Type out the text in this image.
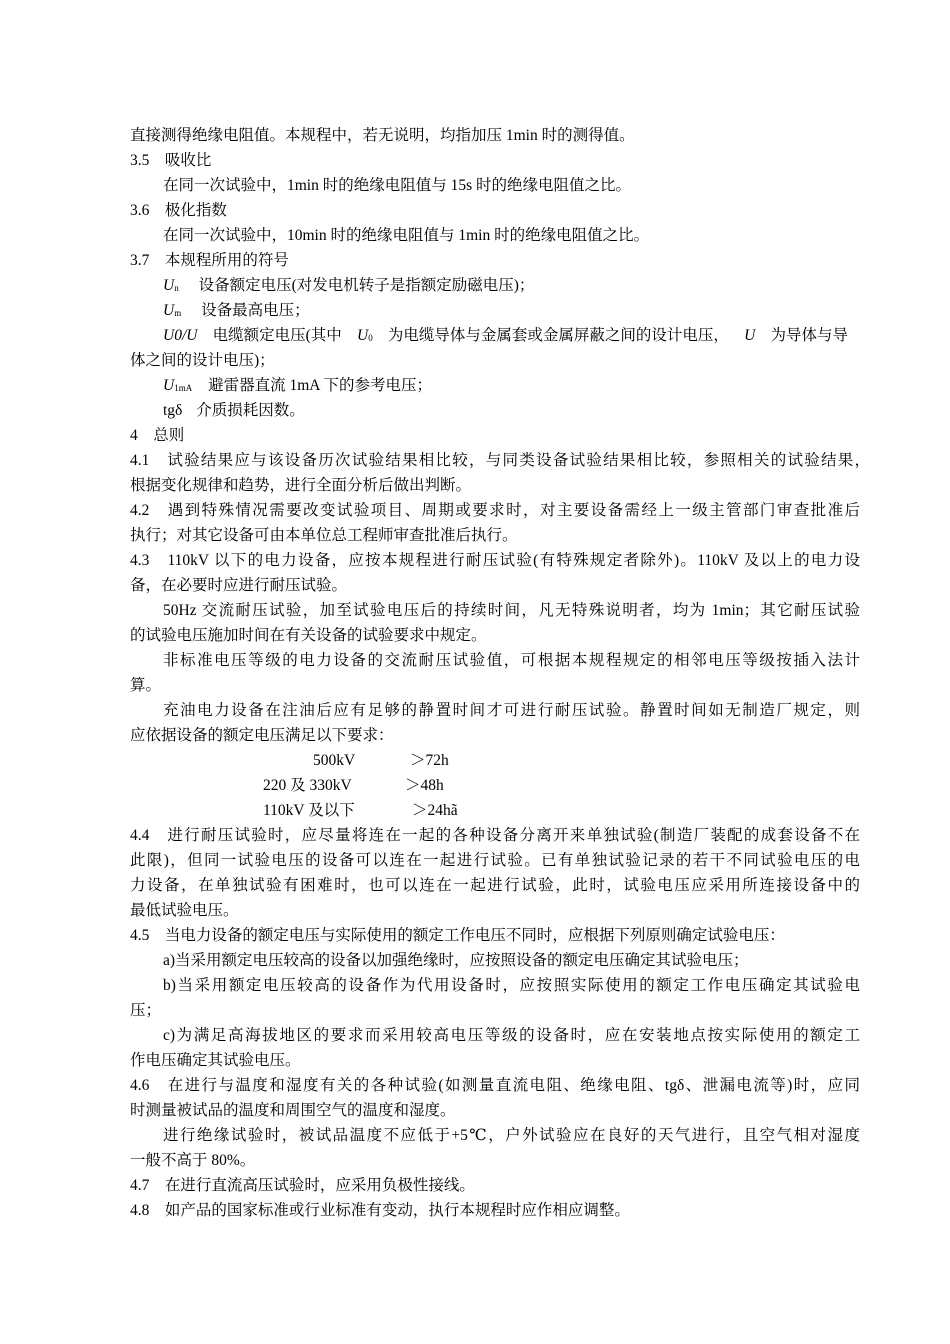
直接测得绝缘电阻值。本规程中，若无说明，均指加压 1min 时的测得值。
3.5　吸收比
在同一次试验中，1min 时的绝缘电阻值与 15s 时的绝缘电阻值之比。
3.6　极化指数
在同一次试验中，10min 时的绝缘电阻值与 1min 时的绝缘电阻值之比。
3.7　本规程所用的符号
Un 设备额定电压(对发电机转子是指额定励磁电压)；
Um 设备最高电压；
U0/U 电缆额定电压(其中 U0 为电缆导体与金属套或金属屏蔽之间的设计电压， U 为导体与导
体之间的设计电压)；
U1mA 避雷器直流 1mA 下的参考电压；
tgδ 介质损耗因数。
4　总则
4.1　试验结果应与该设备历次试验结果相比较，与同类设备试验结果相比较，参照相关的试验结果，
根据变化规律和趋势，进行全面分析后做出判断。
4.2　遇到特殊情况需要改变试验项目、周期或要求时，对主要设备需经上一级主管部门审查批准后
执行；对其它设备可由本单位总工程师审查批准后执行。
4.3　110kV 以下的电力设备，应按本规程进行耐压试验(有特殊规定者除外)。110kV 及以上的电力设
备，在必要时应进行耐压试验。
50Hz 交流耐压试验，加至试验电压后的持续时间，凡无特殊说明者，均为 1min；其它耐压试验
的试验电压施加时间在有关设备的试验要求中规定。
非标准电压等级的电力设备的交流耐压试验值，可根据本规程规定的相邻电压等级按插入法计
算。
充油电力设备在注油后应有足够的静置时间才可进行耐压试验。静置时间如无制造厂规定，则
应依据设备的额定电压满足以下要求：
500kV	＞72h
220 及 330kV	＞48h
110kV 及以下	＞24hã
4.4　进行耐压试验时，应尽量将连在一起的各种设备分离开来单独试验(制造厂装配的成套设备不在
此限)，但同一试验电压的设备可以连在一起进行试验。已有单独试验记录的若干不同试验电压的电
力设备，在单独试验有困难时，也可以连在一起进行试验，此时，试验电压应采用所连接设备中的
最低试验电压。
4.5　当电力设备的额定电压与实际使用的额定工作电压不同时，应根据下列原则确定试验电压：
a)当采用额定电压较高的设备以加强绝缘时，应按照设备的额定电压确定其试验电压；
b)当采用额定电压较高的设备作为代用设备时，应按照实际使用的额定工作电压确定其试验电
压；
c)为满足高海拔地区的要求而采用较高电压等级的设备时，应在安装地点按实际使用的额定工
作电压确定其试验电压。
4.6　在进行与温度和湿度有关的各种试验(如测量直流电阻、绝缘电阻、tgδ、泄漏电流等)时，应同
时测量被试品的温度和周围空气的温度和湿度。
进行绝缘试验时，被试品温度不应低于+5℃，户外试验应在良好的天气进行，且空气相对湿度
一般不高于 80%。
4.7　在进行直流高压试验时，应采用负极性接线。
4.8　如产品的国家标准或行业标准有变动，执行本规程时应作相应调整。
